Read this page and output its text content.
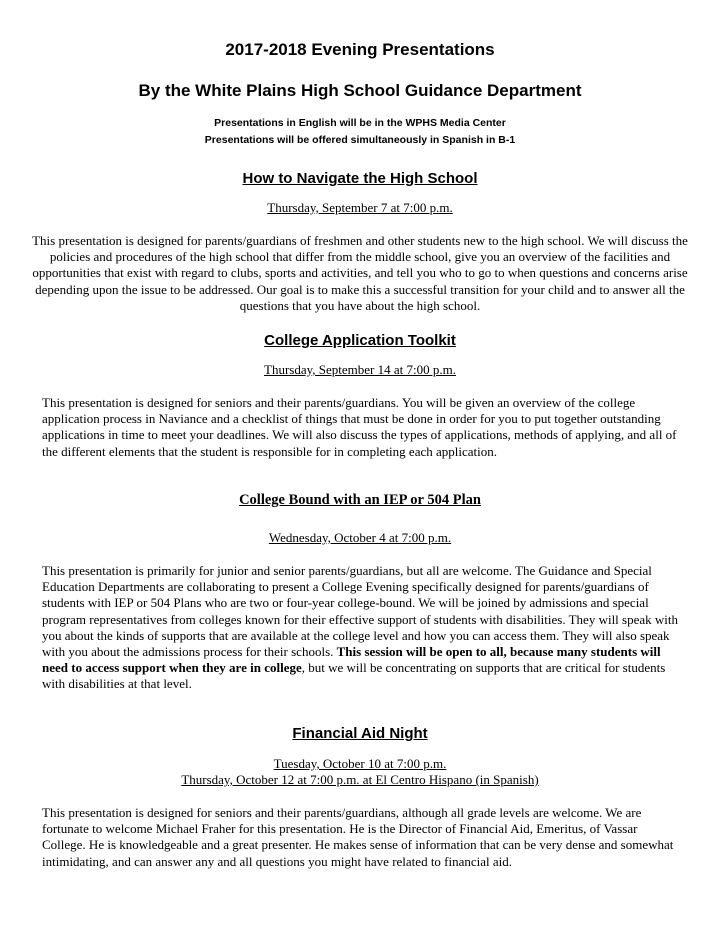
2017-2018 Evening Presentations
By the White Plains High School Guidance Department
Presentations in English will be in the WPHS Media Center
Presentations will be offered simultaneously in Spanish in B-1
How to Navigate the High School
Thursday, September 7 at 7:00 p.m.
This presentation is designed for parents/guardians of freshmen and other students new to the high school. We will discuss the policies and procedures of the high school that differ from the middle school, give you an overview of the facilities and opportunities that exist with regard to clubs, sports and activities, and tell you who to go to when questions and concerns arise depending upon the issue to be addressed. Our goal is to make this a successful transition for your child and to answer all the questions that you have about the high school.
College Application Toolkit
Thursday, September 14 at 7:00 p.m.
This presentation is designed for seniors and their parents/guardians. You will be given an overview of the college application process in Naviance and a checklist of things that must be done in order for you to put together outstanding applications in time to meet your deadlines. We will also discuss the types of applications, methods of applying, and all of the different elements that the student is responsible for in completing each application.
College Bound with an IEP or 504 Plan
Wednesday, October 4 at 7:00 p.m.
This presentation is primarily for junior and senior parents/guardians, but all are welcome. The Guidance and Special Education Departments are collaborating to present a College Evening specifically designed for parents/guardians of students with IEP or 504 Plans who are two or four-year college-bound. We will be joined by admissions and special program representatives from colleges known for their effective support of students with disabilities. They will speak with you about the kinds of supports that are available at the college level and how you can access them. They will also speak with you about the admissions process for their schools. This session will be open to all, because many students will need to access support when they are in college, but we will be concentrating on supports that are critical for students with disabilities at that level.
Financial Aid Night
Tuesday, October 10 at 7:00 p.m.
Thursday, October 12 at 7:00 p.m. at El Centro Hispano (in Spanish)
This presentation is designed for seniors and their parents/guardians, although all grade levels are welcome. We are fortunate to welcome Michael Fraher for this presentation. He is the Director of Financial Aid, Emeritus, of Vassar College. He is knowledgeable and a great presenter. He makes sense of information that can be very dense and somewhat intimidating, and can answer any and all questions you might have related to financial aid.
